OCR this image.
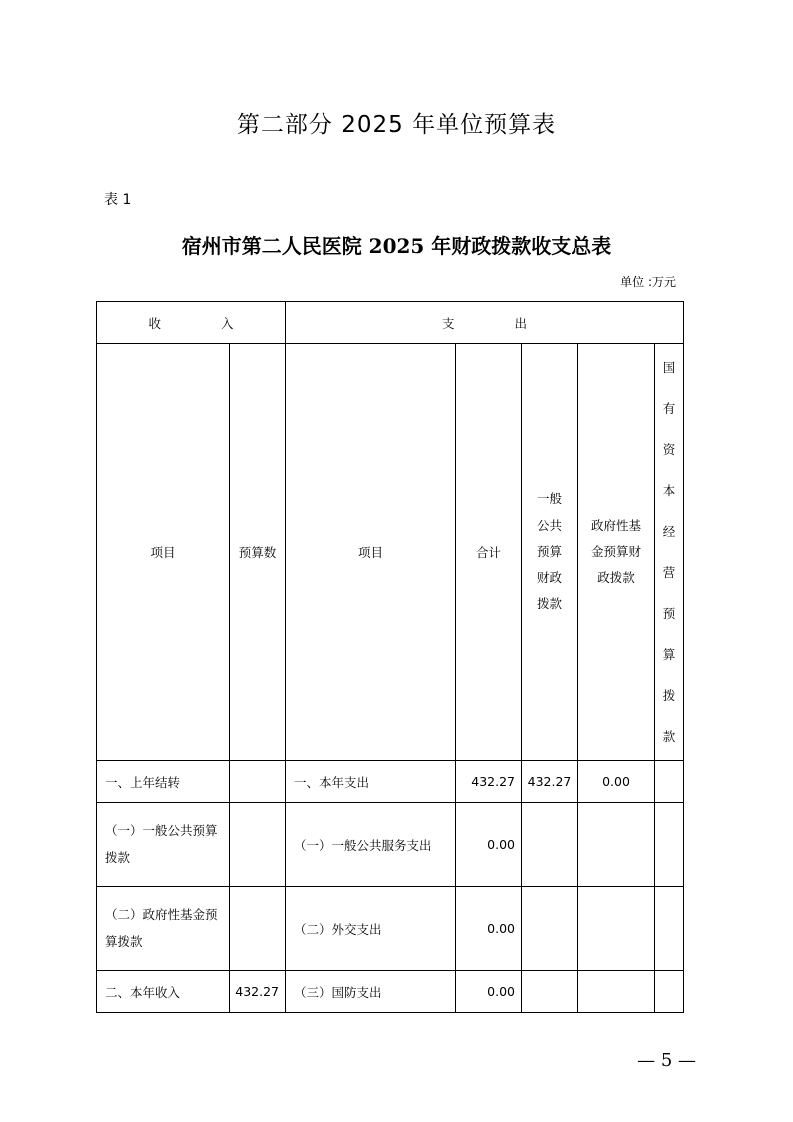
第二部分 2025 年单位预算表
表 1
宿州市第二人民医院 2025 年财政拨款收支总表
单位 :万元
收 入		支 出				
项目	预算数	项目	合计	一般公共预算财政拨款	政府性基金预算财政拨款	国有资本经营预算拨款

一、上年结转		一、本年支出	432.27	432.27	0.00	
（一）一般公共预算拨款		（一）一般公共服务支出	0.00			
（二）政府性基金预算拨款		（二）外交支出	0.00			
二、本年收入	432.27	（三）国防支出	0.00			
— 5 —
